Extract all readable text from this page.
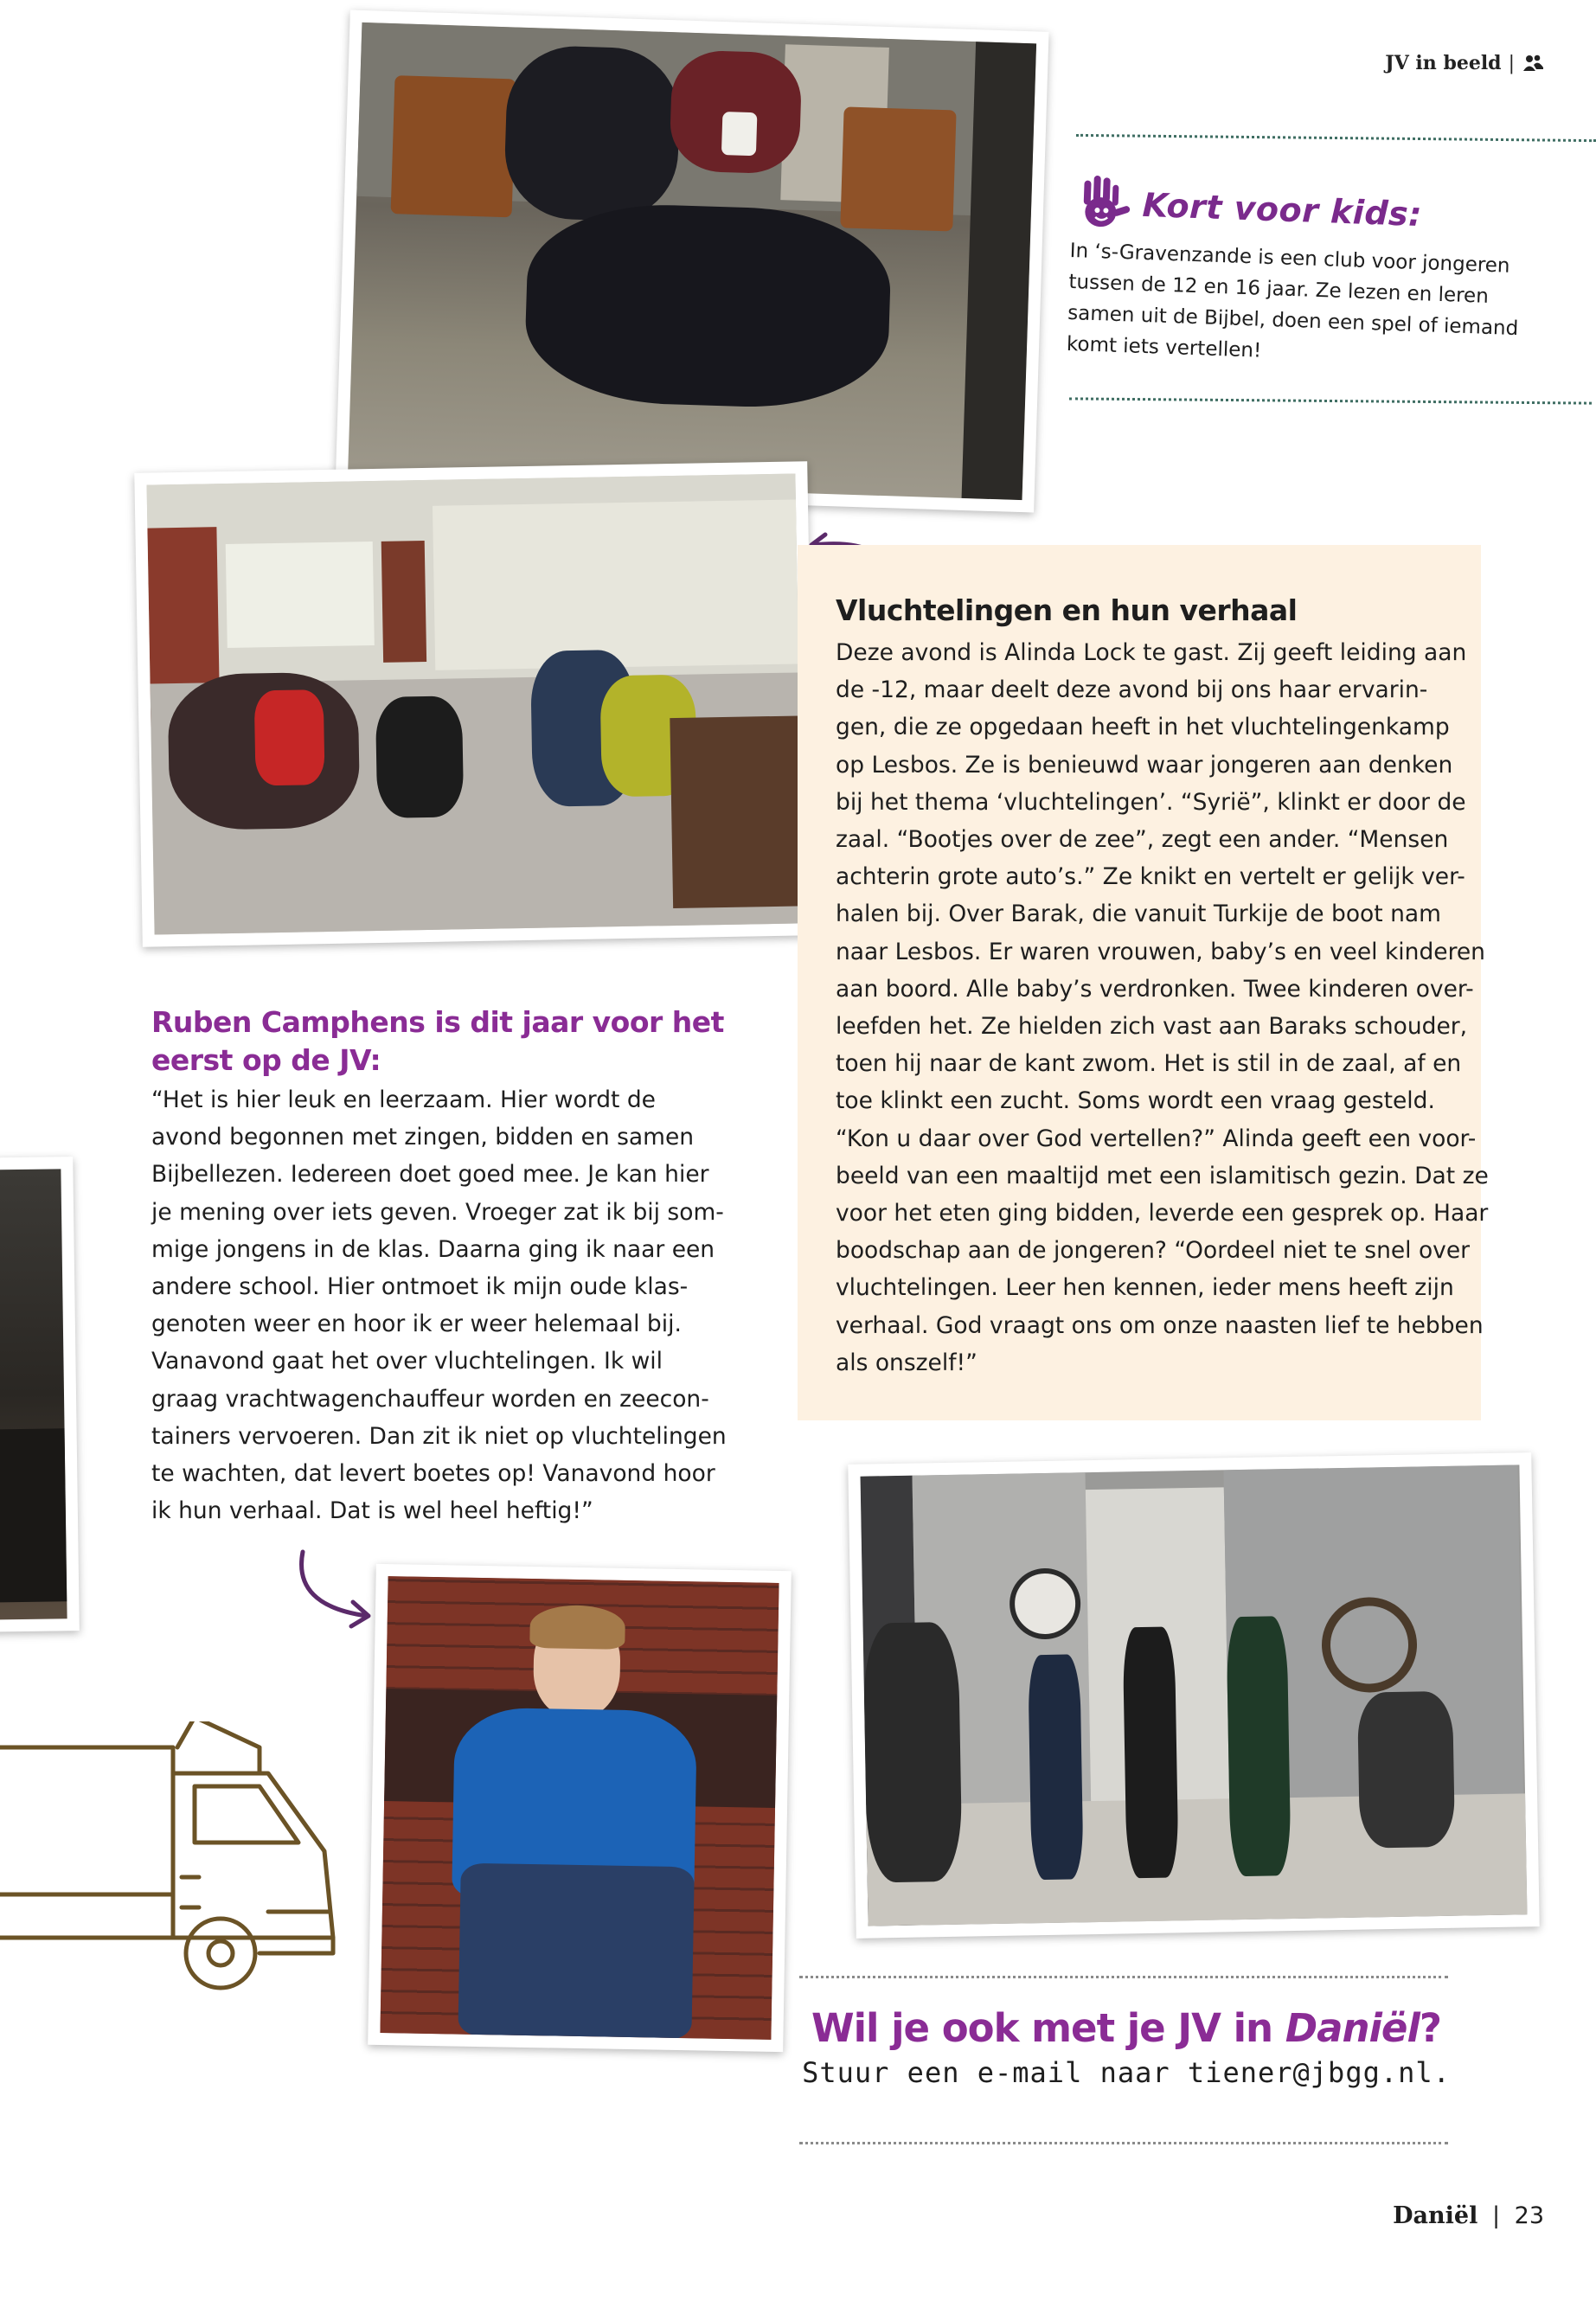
JV in beeld |
Kort voor kids:
In ‘s-Gravenzande is een club voor jongeren
tussen de 12 en 16 jaar. Ze lezen en leren
samen uit de Bijbel, doen een spel of iemand
komt iets vertellen!
Vluchtelingen en hun verhaal
Deze avond is Alinda Lock te gast. Zij geeft leiding aan
de -12, maar deelt deze avond bij ons haar ervarin-
gen, die ze opgedaan heeft in het vluchtelingenkamp
op Lesbos. Ze is benieuwd waar jongeren aan denken
bij het thema ‘vluchtelingen’. “Syrië”, klinkt er door de
zaal. “Bootjes over de zee”, zegt een ander. “Mensen
achterin grote auto’s.” Ze knikt en vertelt er gelijk ver-
halen bij. Over Barak, die vanuit Turkije de boot nam
naar Lesbos. Er waren vrouwen, baby’s en veel kinderen
aan boord. Alle baby’s verdronken. Twee kinderen over-
leefden het. Ze hielden zich vast aan Baraks schouder,
toen hij naar de kant zwom. Het is stil in de zaal, af en
toe klinkt een zucht. Soms wordt een vraag gesteld.
“Kon u daar over God vertellen?” Alinda geeft een voor-
beeld van een maaltijd met een islamitisch gezin. Dat ze
voor het eten ging bidden, leverde een gesprek op. Haar
boodschap aan de jongeren? “Oordeel niet te snel over
vluchtelingen. Leer hen kennen, ieder mens heeft zijn
verhaal. God vraagt ons om onze naasten lief te hebben
als onszelf!”
Ruben Camphens is dit jaar voor het
eerst op de JV:
“Het is hier leuk en leerzaam. Hier wordt de
avond begonnen met zingen, bidden en samen
Bijbellezen. Iedereen doet goed mee. Je kan hier
je mening over iets geven. Vroeger zat ik bij som-
mige jongens in de klas. Daarna ging ik naar een
andere school. Hier ontmoet ik mijn oude klas-
genoten weer en hoor ik er weer helemaal bij.
Vanavond gaat het over vluchtelingen. Ik wil
graag vrachtwagenchauffeur worden en zeecon-
tainers vervoeren. Dan zit ik niet op vluchtelingen
te wachten, dat levert boetes op! Vanavond hoor
ik hun verhaal. Dat is wel heel heftig!”
Wil je ook met je JV in Daniël?
Stuur een e-mail naar tiener@jbgg.nl.
Daniël | 23
